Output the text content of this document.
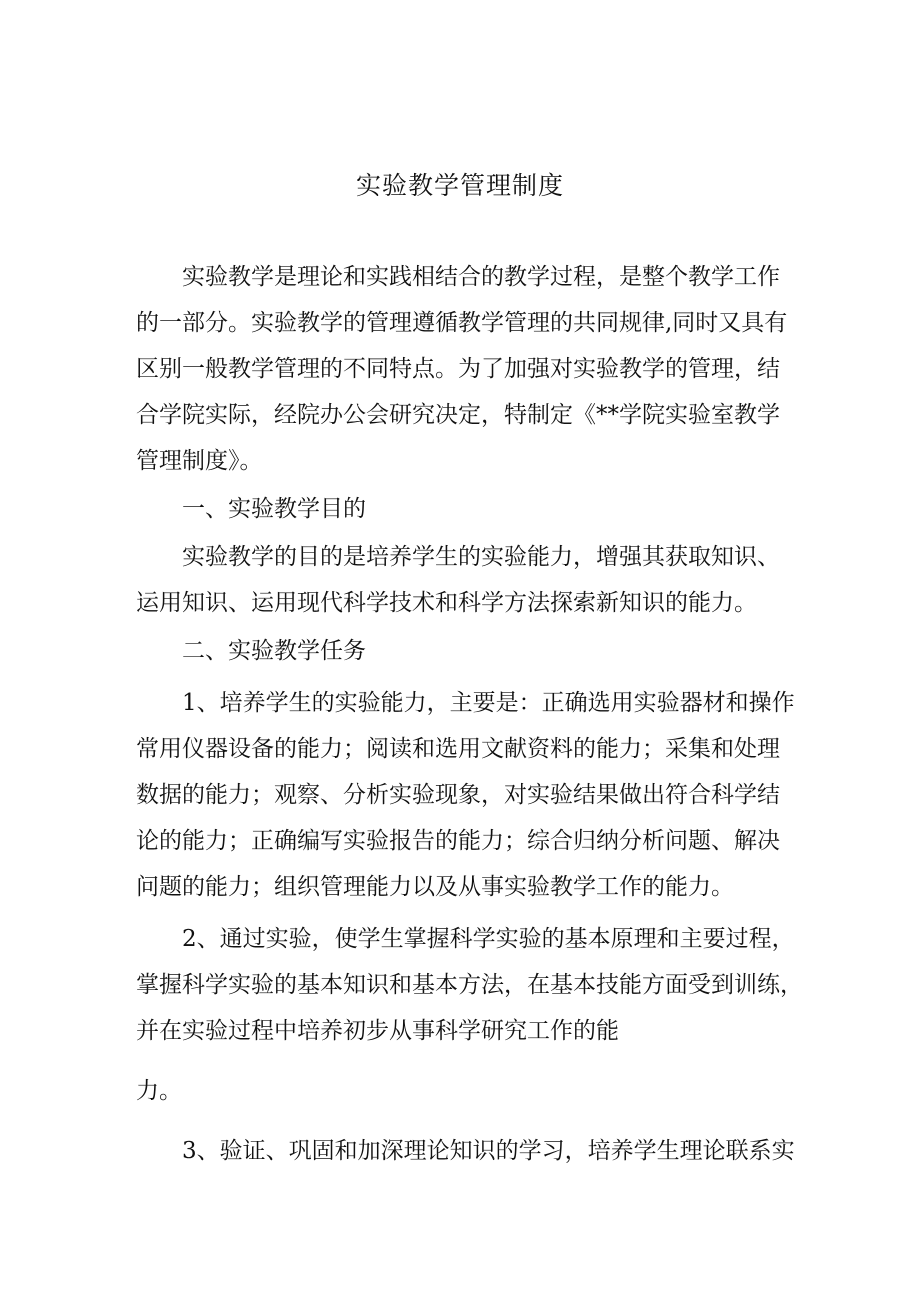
实验教学管理制度
实验教学是理论和实践相结合的教学过程，是整个教学工作
的一部分。实验教学的管理遵循教学管理的共同规律,同时又具有
区别一般教学管理的不同特点。为了加强对实验教学的管理，结
合学院实际，经院办公会研究决定，特制定《**学院实验室教学
管理制度》。
一、实验教学目的
实验教学的目的是培养学生的实验能力，增强其获取知识、
运用知识、运用现代科学技术和科学方法探索新知识的能力。
二、实验教学任务
1、培养学生的实验能力，主要是：正确选用实验器材和操作
常用仪器设备的能力；阅读和选用文献资料的能力；采集和处理
数据的能力；观察、分析实验现象，对实验结果做出符合科学结
论的能力；正确编写实验报告的能力；综合归纳分析问题、解决
问题的能力；组织管理能力以及从事实验教学工作的能力。
2、通过实验，使学生掌握科学实验的基本原理和主要过程，
掌握科学实验的基本知识和基本方法，在基本技能方面受到训练，
并在实验过程中培养初步从事科学研究工作的能
力。
3、验证、巩固和加深理论知识的学习，培养学生理论联系实
